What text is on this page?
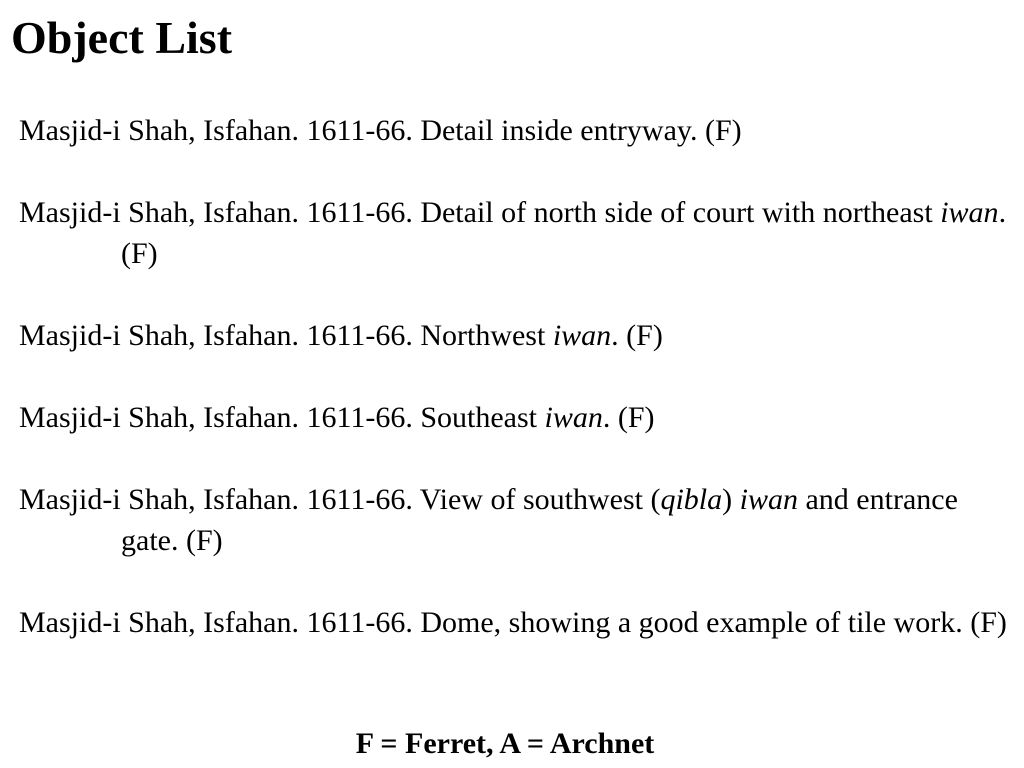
Object List
Masjid-i Shah, Isfahan. 1611-66. Detail inside entryway. (F)
Masjid-i Shah, Isfahan. 1611-66. Detail of north side of court with northeast iwan. (F)
Masjid-i Shah, Isfahan. 1611-66. Northwest iwan. (F)
Masjid-i Shah, Isfahan. 1611-66. Southeast iwan. (F)
Masjid-i Shah, Isfahan. 1611-66. View of southwest (qibla) iwan and entrance gate. (F)
Masjid-i Shah, Isfahan. 1611-66. Dome, showing a good example of tile work. (F)

F = Ferret, A = Archnet
